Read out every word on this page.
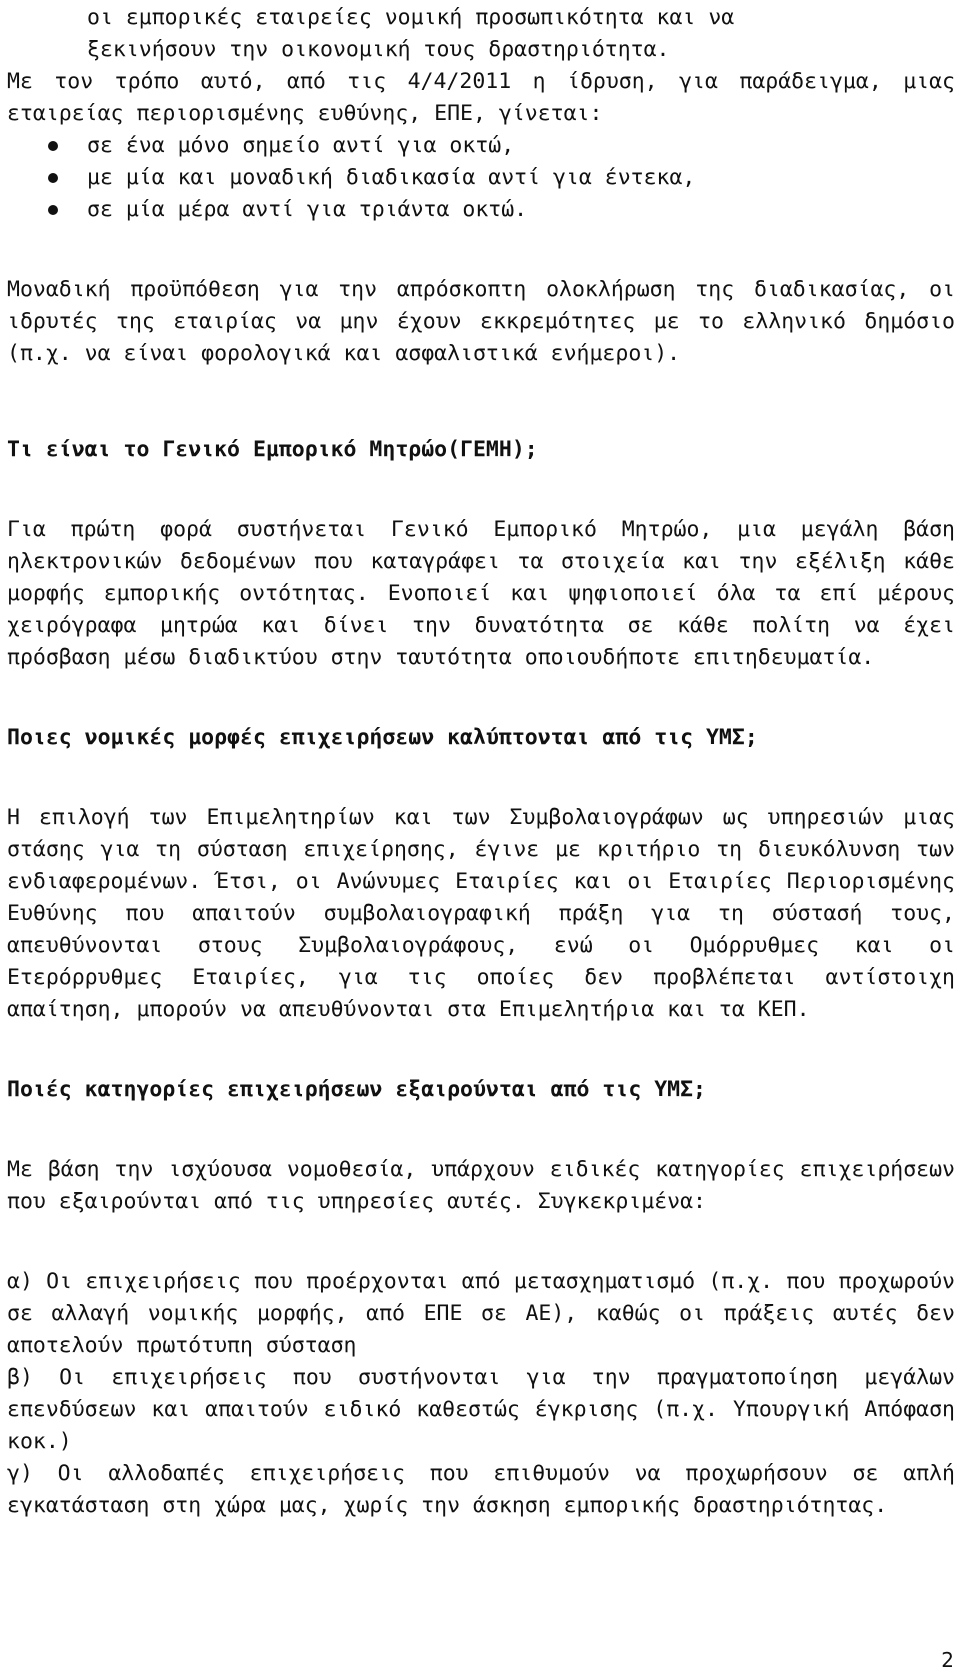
οι εμπορικές εταιρείες νομική προσωπικότητα και να

ξεκινήσουν την οικονομική τους δραστηριότητα.

Με τον τρόπο αυτό, από τις 4/4/2011 η ίδρυση, για παράδειγμα, μιας εταιρείας περιορισμένης ευθύνης, ΕΠΕ, γίνεται:

σε ένα μόνο σημείο αντί για οκτώ,
με μία και μοναδική διαδικασία αντί για έντεκα,
σε μία μέρα αντί για τριάντα οκτώ.

Μοναδική προϋπόθεση για την απρόσκοπτη ολοκλήρωση της διαδικασίας, οι ιδρυτές της εταιρίας να μην έχουν εκκρεμότητες με το ελληνικό δημόσιο (π.χ. να είναι φορολογικά και ασφαλιστικά ενήμεροι).

Τι είναι το Γενικό Εμπορικό Μητρώο(ΓΕΜΗ);

Για πρώτη φορά συστήνεται Γενικό Εμπορικό Μητρώο, μια μεγάλη βάση ηλεκτρονικών δεδομένων που καταγράφει τα στοιχεία και την εξέλιξη κάθε μορφής εμπορικής οντότητας. Ενοποιεί και ψηφιοποιεί όλα τα επί μέρους χειρόγραφα μητρώα και δίνει την δυνατότητα σε κάθε πολίτη να έχει πρόσβαση μέσω διαδικτύου στην ταυτότητα οποιουδήποτε επιτηδευματία.

Ποιες νομικές μορφές επιχειρήσεων καλύπτονται από τις ΥΜΣ;

Η επιλογή των Επιμελητηρίων και των Συμβολαιογράφων ως υπηρεσιών μιας στάσης για τη σύσταση επιχείρησης, έγινε με κριτήριο τη διευκόλυνση των ενδιαφερομένων. Έτσι, οι Ανώνυμες Εταιρίες και οι Εταιρίες Περιορισμένης Ευθύνης που απαιτούν συμβολαιογραφική πράξη για τη σύστασή τους, απευθύνονται στους Συμβολαιογράφους, ενώ οι Ομόρρυθμες και οι Ετερόρρυθμες Εταιρίες, για τις οποίες δεν προβλέπεται αντίστοιχη απαίτηση, μπορούν να απευθύνονται στα Επιμελητήρια και τα ΚΕΠ.

Ποιές κατηγορίες επιχειρήσεων εξαιρούνται από τις ΥΜΣ;

Με βάση την ισχύουσα νομοθεσία, υπάρχουν ειδικές κατηγορίες επιχειρήσεων που εξαιρούνται από τις υπηρεσίες αυτές. Συγκεκριμένα:

α) Οι επιχειρήσεις που προέρχονται από μετασχηματισμό (π.χ. που προχωρούν σε αλλαγή νομικής μορφής, από ΕΠΕ σε ΑΕ), καθώς οι πράξεις αυτές δεν αποτελούν πρωτότυπη σύσταση

β) Οι επιχειρήσεις που συστήνονται για την πραγματοποίηση μεγάλων επενδύσεων και απαιτούν ειδικό καθεστώς έγκρισης (π.χ. Υπουργική Απόφαση κοκ.)

γ) Οι αλλοδαπές επιχειρήσεις που επιθυμούν να προχωρήσουν σε απλή εγκατάσταση στη χώρα μας, χωρίς την άσκηση εμπορικής δραστηριότητας.

2
